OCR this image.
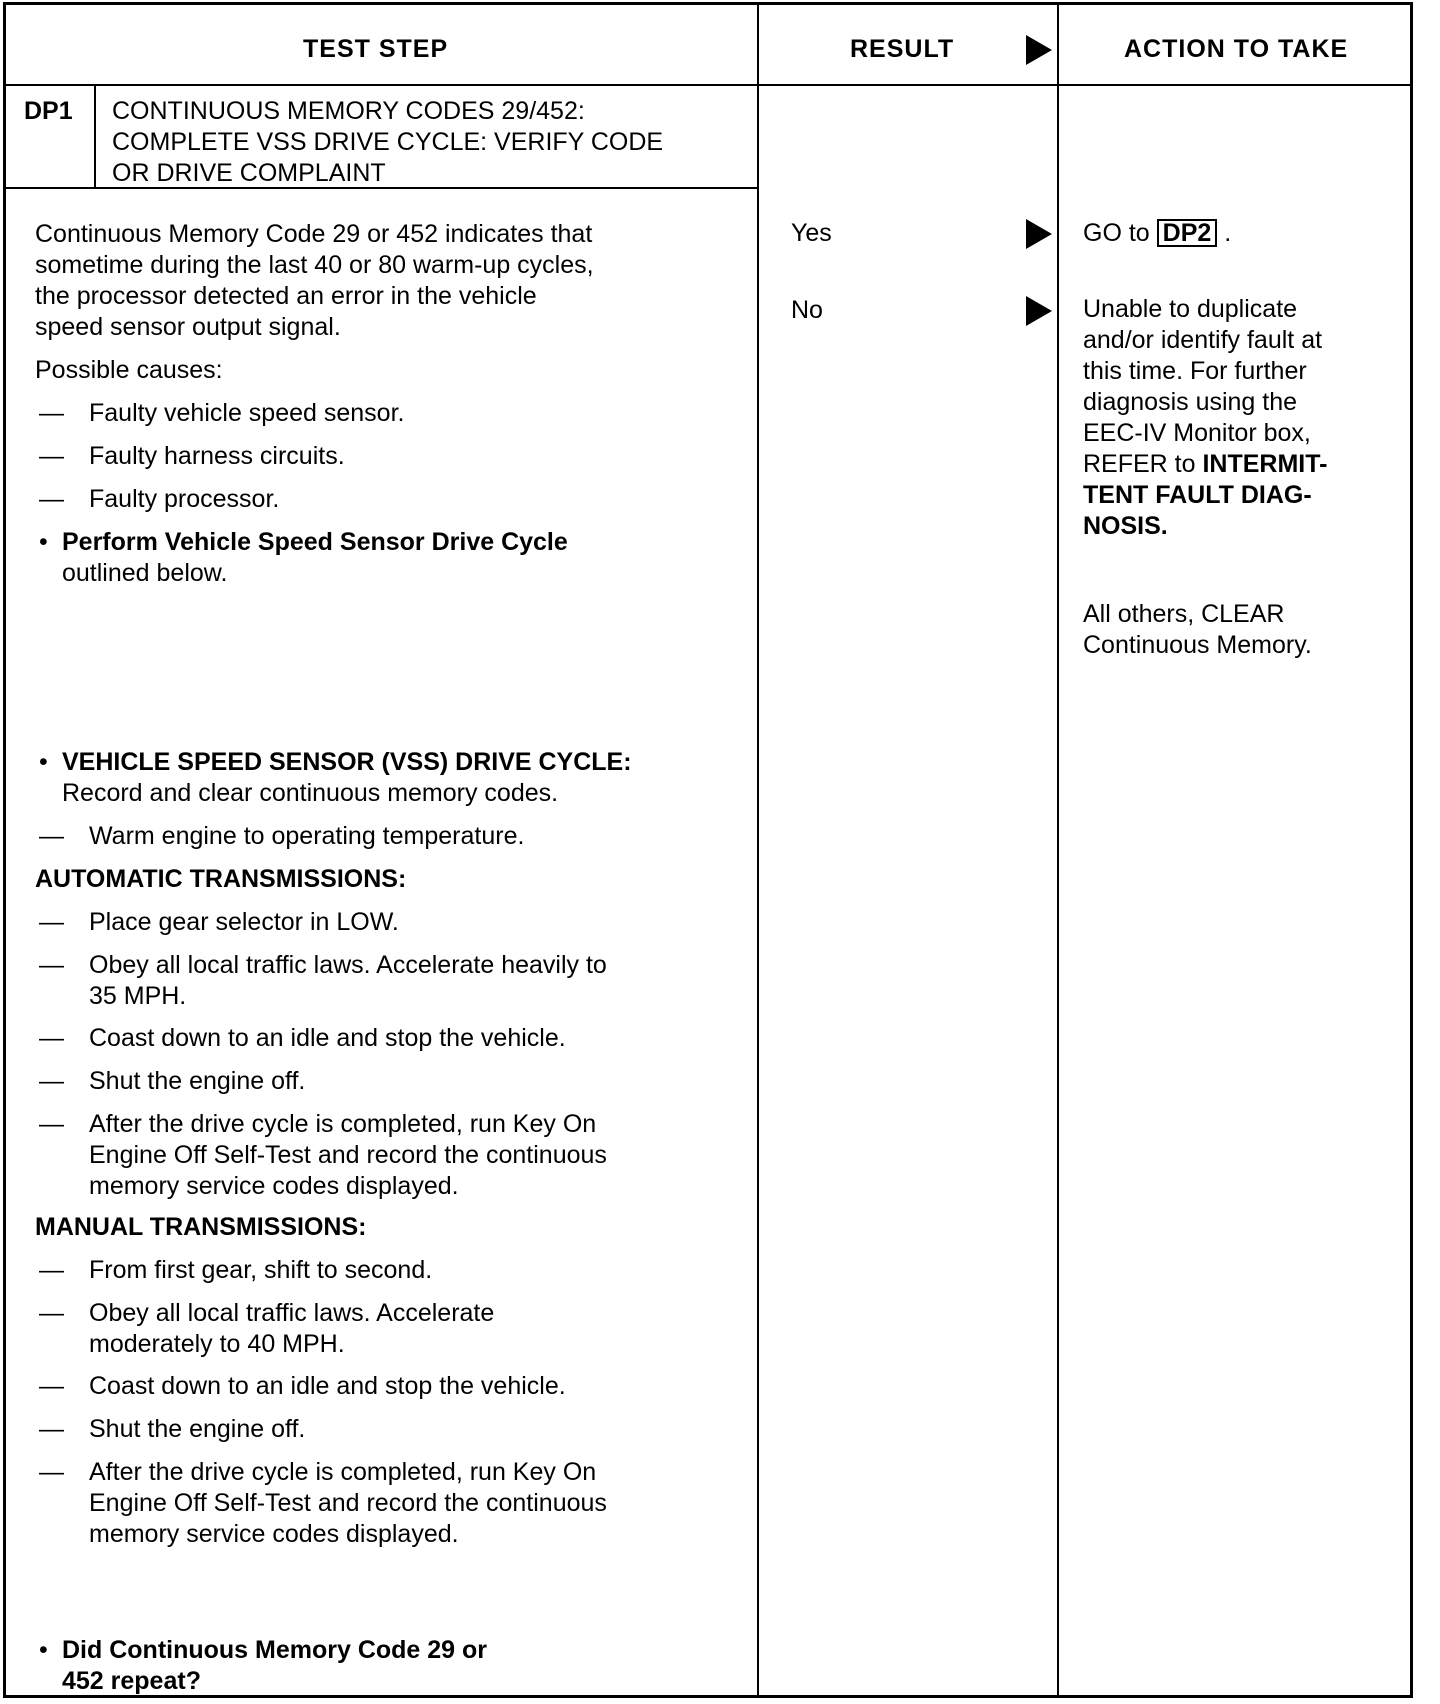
TEST STEP	RESULT	ACTION TO TAKE
DP1 CONTINUOUS MEMORY CODES 29/452:
COMPLETE VSS DRIVE CYCLE: VERIFY CODE
OR DRIVE COMPLAINT
Continuous Memory Code 29 or 452 indicates that
sometime during the last 40 or 80 warm-up cycles,
the processor detected an error in the vehicle
speed sensor output signal.
Possible causes:
— Faulty vehicle speed sensor.
— Faulty harness circuits.
— Faulty processor.
• Perform Vehicle Speed Sensor Drive Cycle
outlined below.
• VEHICLE SPEED SENSOR (VSS) DRIVE CYCLE:
Record and clear continuous memory codes.
— Warm engine to operating temperature.
AUTOMATIC TRANSMISSIONS:
— Place gear selector in LOW.
— Obey all local traffic laws. Accelerate heavily to
35 MPH.
— Coast down to an idle and stop the vehicle.
— Shut the engine off.
— After the drive cycle is completed, run Key On
Engine Off Self-Test and record the continuous
memory service codes displayed.
MANUAL TRANSMISSIONS:
— From first gear, shift to second.
— Obey all local traffic laws. Accelerate
moderately to 40 MPH.
— Coast down to an idle and stop the vehicle.
— Shut the engine off.
— After the drive cycle is completed, run Key On
Engine Off Self-Test and record the continuous
memory service codes displayed.
• Did Continuous Memory Code 29 or
452 repeat?
Yes
No
GO to DP2 .
Unable to duplicate
and/or identify fault at
this time. For further
diagnosis using the
EEC-IV Monitor box,
REFER to INTERMIT-
TENT FAULT DIAG-
NOSIS.
All others, CLEAR
Continuous Memory.
